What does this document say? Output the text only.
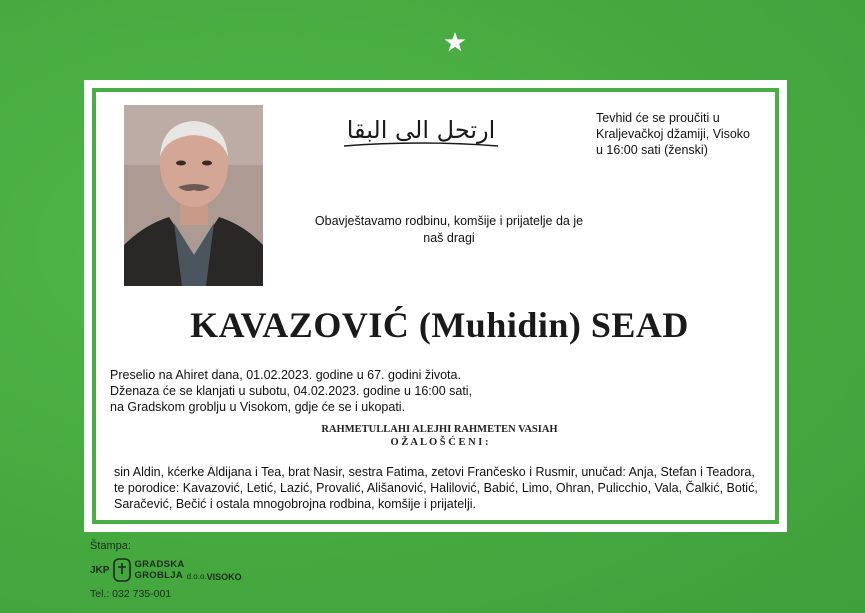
ارتحل الى البقا	Tevhid će se proučiti u
Kraljevačkoj džamiji, Visoko
u 16:00 sati (ženski)
Obavještavamo rodbinu, komšije i prijatelje da je
naš dragi
KAVAZOVIĆ (Muhidin) SEAD
Preselio na Ahiret dana, 01.02.2023. godine u 67. godini života.
Dženaza će se klanjati u subotu, 04.02.2023. godine u 16:00 sati,
na Gradskom groblju u Visokom, gdje će se i ukopati.
RAHMETULLAHI ALEJHI RAHMETEN VASIAH
O Ž A L O Š Ć E N I :
sin Aldin, kćerke Aldijana i Tea, brat Nasir, sestra Fatima, zetovi Frančesko i Rusmir, unučad: Anja, Stefan i Teadora,
te porodice: Kavazović, Letić, Lazić, Provalić, Ališanović, Halilović, Babić, Limo, Ohran, Pulicchio, Vala, Čalkić, Botić,
Saračević, Bečić i ostala mnogobrojna rodbina, komšije i prijatelji.
Štampa:
JKP	GRADSKA
GROBLJA d.o.o. VISOKO
Tel.: 032 735-001
